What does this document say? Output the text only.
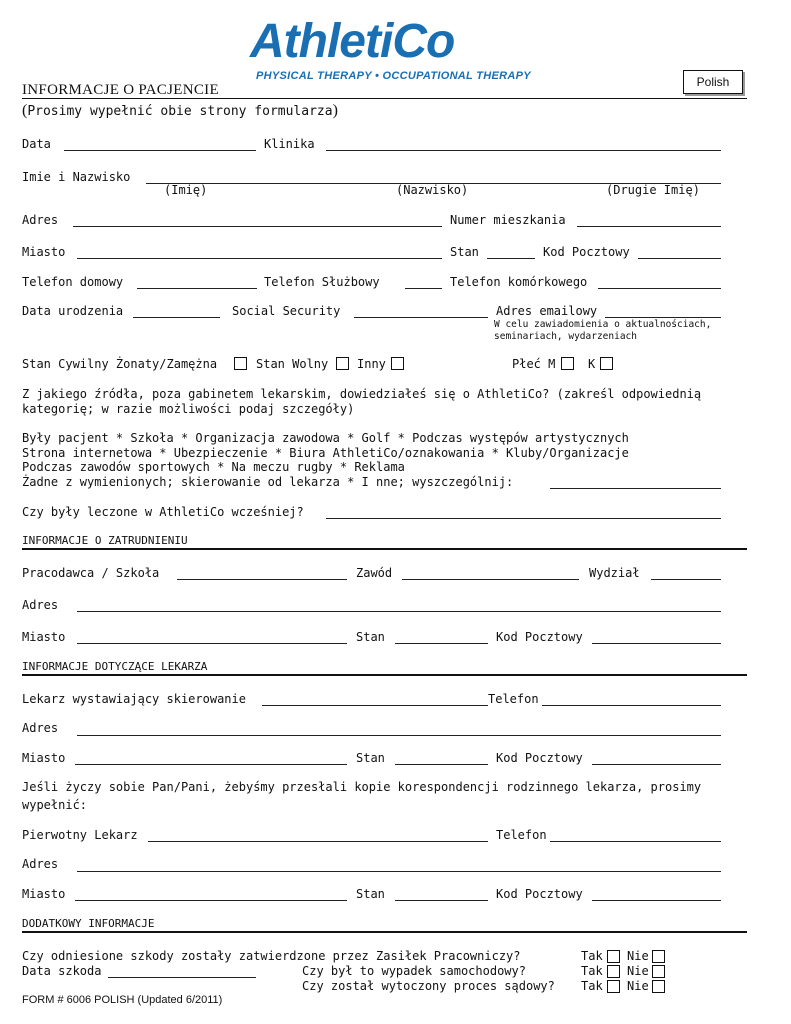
AthletiCo
PHYSICAL THERAPY • OCCUPATIONAL THERAPY	Polish
INFORMACJE O PACJENCIE
(Prosimy wypełnić obie strony formularza)
Data	Klinika
Imie i Nazwisko
(Imię)	(Nazwisko)	(Drugie Imię)
Adres	Numer mieszkania
Miasto	Stan	Kod Pocztowy
Telefon domowy	Telefon Służbowy	Telefon komórkowego
Data urodzenia	Social Security	Adres emailowy
W celu zawiadomienia o aktualnościach,
seminariach, wydarzeniach
Stan Cywilny Żonaty/Zamężna	Stan Wolny Inny	Płeć M	K
Z jakiego źródła, poza gabinetem lekarskim, dowiedziałeś się o AthletiCo? (zakreśl odpowiednią
kategorię; w razie możliwości podaj szczegóły)
Były pacjent * Szkoła * Organizacja zawodowa * Golf * Podczas występów artystycznych
Strona internetowa * Ubezpieczenie * Biura AthletiCo/oznakowania * Kluby/Organizacje
Podczas zawodów sportowych * Na meczu rugby * Reklama
Żadne z wymienionych; skierowanie od lekarza * I nne; wyszczególnij:
Czy były leczone w AthletiCo wcześniej?
INFORMACJE O ZATRUDNIENIU
Pracodawca / Szkoła	Zawód	Wydział
Adres
Miasto	Stan	Kod Pocztowy
INFORMACJE DOTYCZĄCE LEKARZA
Lekarz wystawiający skierowanie	Telefon
Adres
Miasto	Stan	Kod Pocztowy
Jeśli życzy sobie Pan/Pani, żebyśmy przesłali kopie korespondencji rodzinnego lekarza, prosimy
wypełnić:
Pierwotny Lekarz	Telefon
Adres
Miasto	Stan	Kod Pocztowy
DODATKOWY INFORMACJE
Czy odniesione szkody zostały zatwierdzone przez Zasiłek Pracowniczy?	Tak Nie
Data szkoda	Czy był to wypadek samochodowy?	Tak Nie
Czy został wytoczony proces sądowy? Tak Nie
FORM # 6006 POLISH (Updated 6/2011)
